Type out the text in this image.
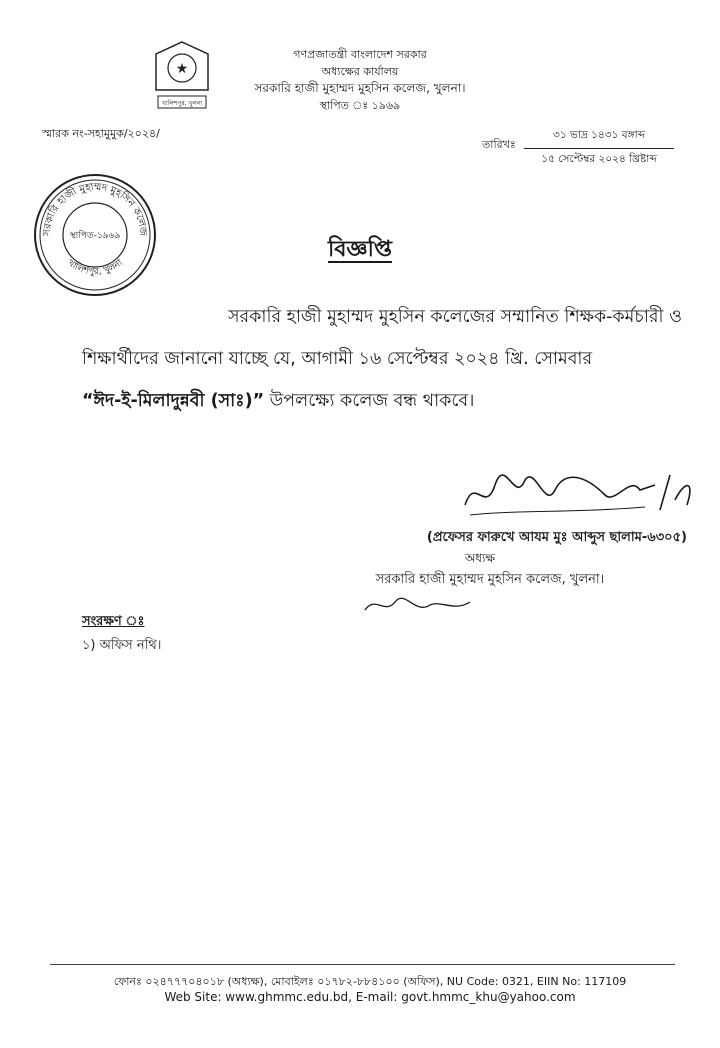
★
খালিশপুর, খুলনা
গণপ্রজাতন্ত্রী বাংলাদেশ সরকার
অধ্যক্ষের কার্যালয়
সরকারি হাজী মুহাম্মদ মুহসিন কলেজ, খুলনা।
স্থাপিত ঃ ১৯৬৯
স্মারক নং-সহামুমুক/২০২৪/
তারিখঃ
৩১ ভাদ্র ১৪৩১ বঙ্গাব্দ
১৫ সেপ্টেম্বর ২০২৪ খ্রিষ্টাব্দ
সরকারি হাজী মুহাম্মদ মুহসিন কলেজ
খালিশপুর, খুলনা
স্থাপিত-১৯৬৯
বিজ্ঞপ্তি
সরকারি হাজী মুহাম্মদ মুহসিন কলেজের সম্মানিত শিক্ষক-কর্মচারী ও
শিক্ষার্থীদের জানানো যাচ্ছে যে, আগামী ১৬ সেপ্টেম্বর ২০২৪ খ্রি. সোমবার
“ঈদ-ই-মিলাদুন্নবী (সাঃ)” উপলক্ষ্যে কলেজ বন্ধ থাকবে।
(প্রফেসর ফারুখে আযম মুঃ আব্দুস ছালাম-৬৩০৫)
অধ্যক্ষ
সরকারি হাজী মুহাম্মদ মুহসিন কলেজ, খুলনা।
সংরক্ষণ ঃ
১) অফিস নথি।
ফোনঃ ০২৪৭৭৭০৪০১৮ (অধ্যক্ষ), মোবাইলঃ ০১৭৮২-৮৮৪১০০ (অফিস), NU Code: 0321, EIIN No: 117109
Web Site: www.ghmmc.edu.bd, E-mail: govt.hmmc_khu@yahoo.com
